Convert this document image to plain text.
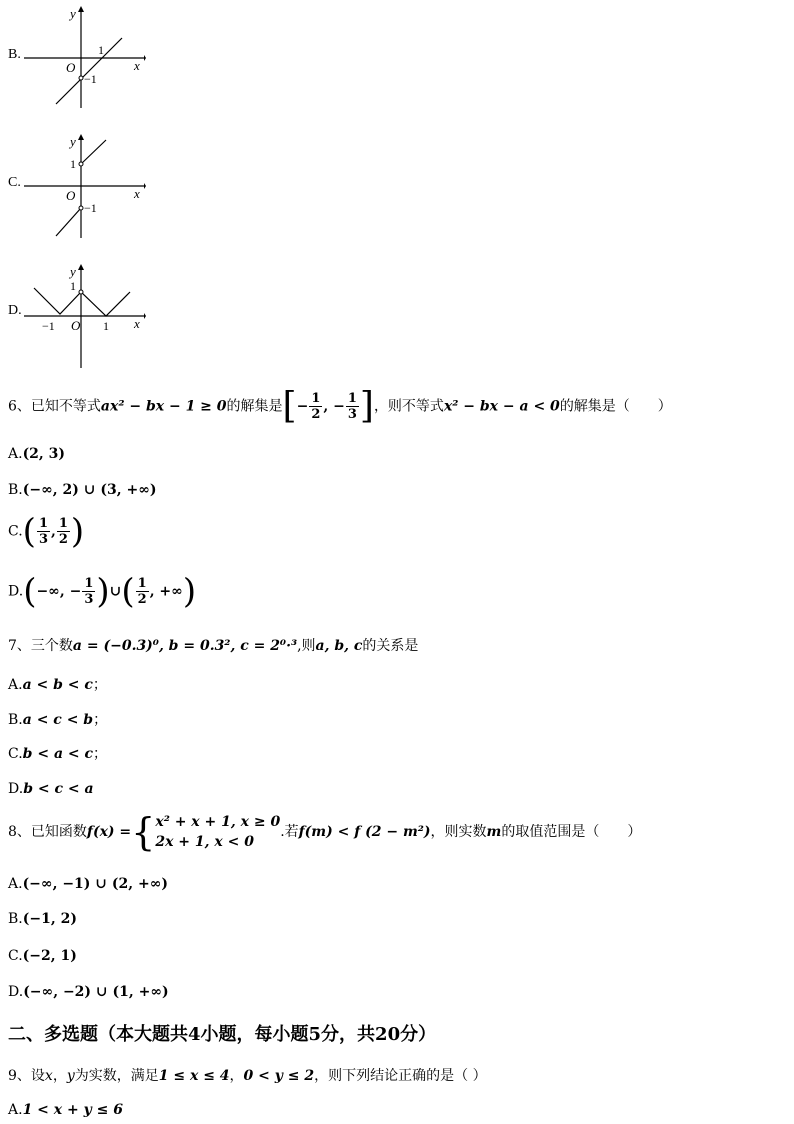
B.
y
x
O
1
−1
C.
y
x
O
1
−1
D.
y
x
O
1
−1	1
6、已知不等式ax² − bx − 1 ≥ 0的解集是[− $\frac{1}{2}$ , − $\frac{1}{3}$ ]，则不等式x² − bx − a < 0的解集是（　　）
A.(2, 3)
B.(−∞, 2) ∪ (3, +∞)
$C.( \frac{1}{3}$ , $\frac{1}{2}$ )
D.(−∞, − $\frac{1}{3}$ )∪( $\frac{1}{2}$ , +∞)
7、三个数a = (−0.3)⁰, b = 0.3², c = 2⁰·³,则a, b, c的关系是
A.a < b < c；
B.a < c < b；
C.b < a < c；
D.b < c < a
8、已知函数f(x) ={ x² + x + 1, x ≥ 0
2x + 1, x < 0
.若f(m) < f (2 − m²)，则实数m的取值范围是（　　）
A.(−∞, −1) ∪ (2, +∞)
B.(−1, 2)
C.(−2, 1)
D.(−∞, −2) ∪ (1, +∞)
二、多选题（本大题共4小题，每小题5分，共20分）
9、设x，y为实数，满足1 ≤ x ≤ 4，0 < y ≤ 2，则下列结论正确的是（ ）
A.1 < x + y ≤ 6
